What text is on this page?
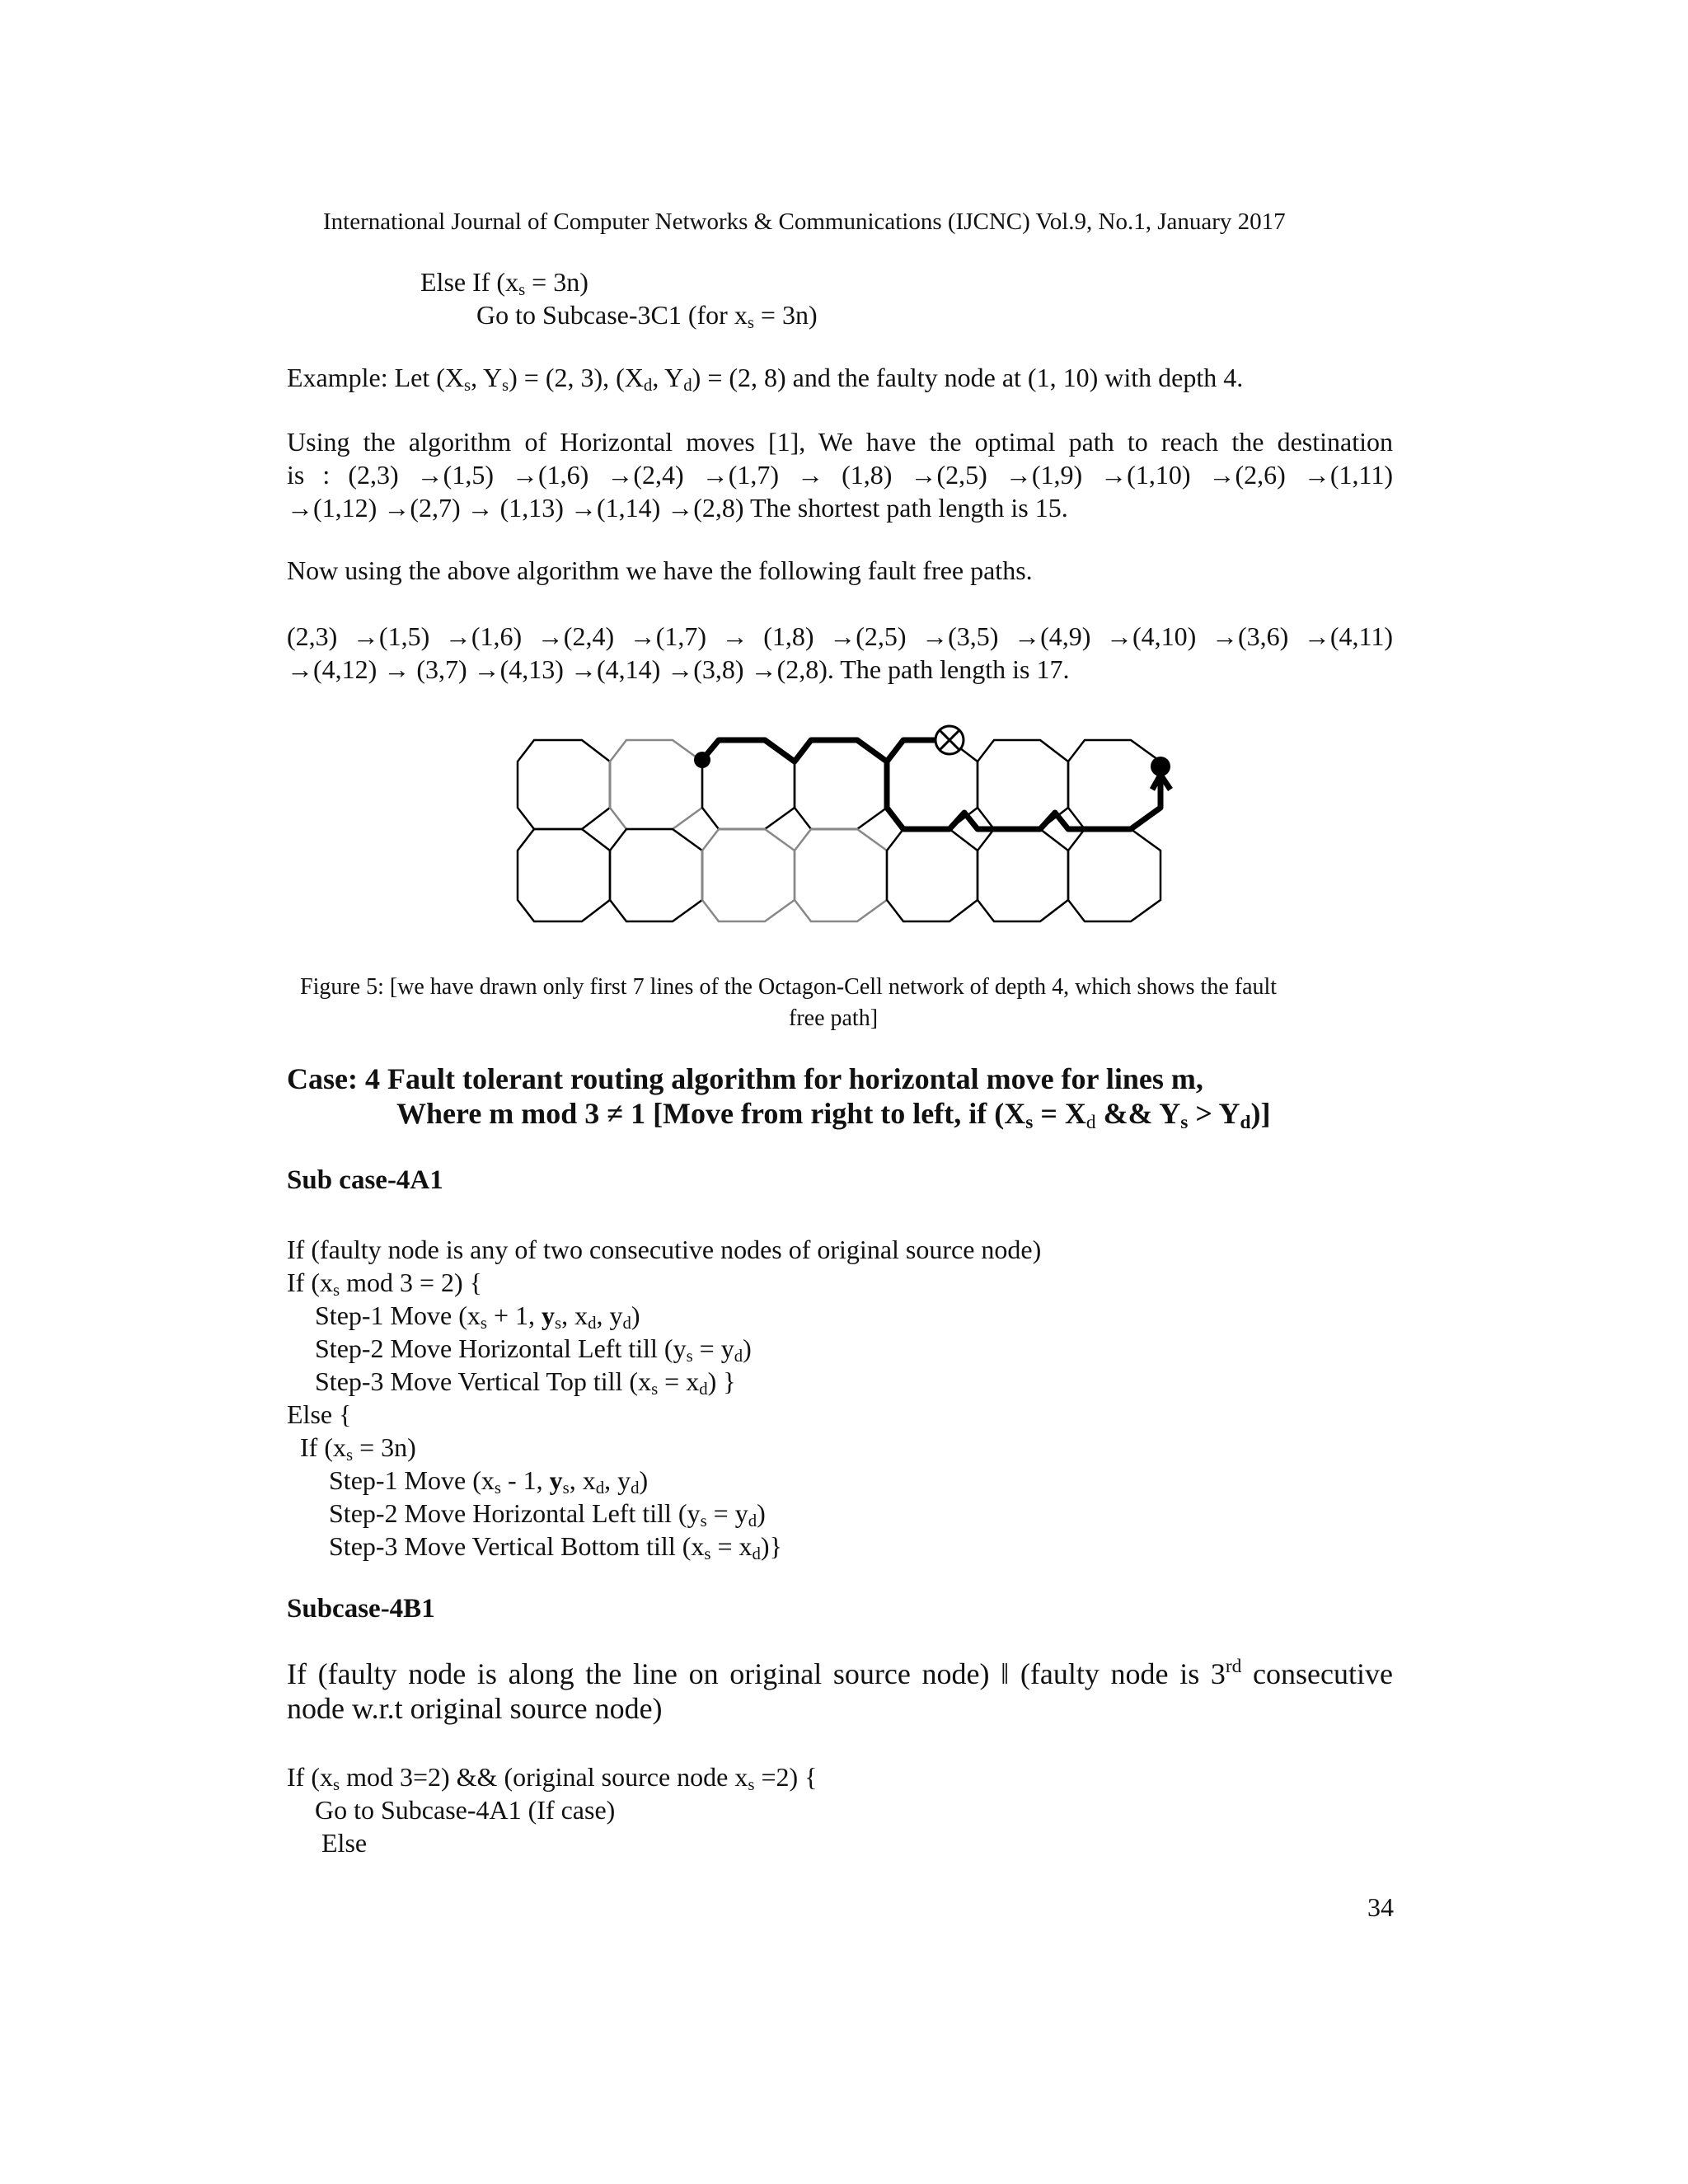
International Journal of Computer Networks & Communications (IJCNC) Vol.9, No.1, January 2017
Else If $(x_s = 3n)$
Go to Subcase-3C1 (for $x_s = 3n$)
Example: Let ($X_s$, $Y_s) = (2$, 3), ($X_d$, $Y_d) = (2$, 8) and the faulty node at (1, 10) with depth 4.
Using the algorithm of Horizontal moves [1], We have the optimal path to reach the destination
is : (2,3) →(1,5) →(1,6) →(2,4) →(1,7) → (1,8) →(2,5) →(1,9) →(1,10) →(2,6) →(1,11)
→(1,12) →(2,7) → (1,13) →(1,14) →(2,8) The shortest path length is 15.
Now using the above algorithm we have the following fault free paths.
(2,3) →(1,5) →(1,6) →(2,4) →(1,7) → (1,8) →(2,5) →(3,5) →(4,9) →(4,10) →(3,6) →(4,11)
→(4,12) → (3,7) →(4,13) →(4,14) →(3,8) →(2,8). The path length is 17.
Figure 5: [we have drawn only first 7 lines of the Octagon-Cell network of depth 4, which shows the fault
free path]
Case: 4 Fault tolerant routing algorithm for horizontal move for lines m,
Where m mod 3 ≠ 1 [Move from right to left, if ($X_s = X_d$ && $Y_s > Y_d$)]
Sub case-4A1
If (faulty node is any of two consecutive nodes of original source node)
If ($x_s$ mod 3 = 2) {
Step-1 Move ($x_s + 1$, $y_s$, $x_d$, $y_d$)
Step-2 Move Horizontal Left till $(y_s = y_d)$
Step-3 Move Vertical Top till $(x_s = x_d)$ }
Else {
If $(x_s = 3n)$
Step-1 Move ($x_s - 1$, $y_s$, $x_d$, $y_d$)
Step-2 Move Horizontal Left till $(y_s = y_d)$
Step-3 Move Vertical Bottom till $(x_s = x_d)$}
Subcase-4B1
If (faulty node is along the line on original source node) ǁ (faulty node is 3rd consecutive
node w.r.t original source node)
If ($x_s$ mod 3=2) && (original source node $x_s =2$) {
Go to Subcase-4A1 (If case)
Else
34
